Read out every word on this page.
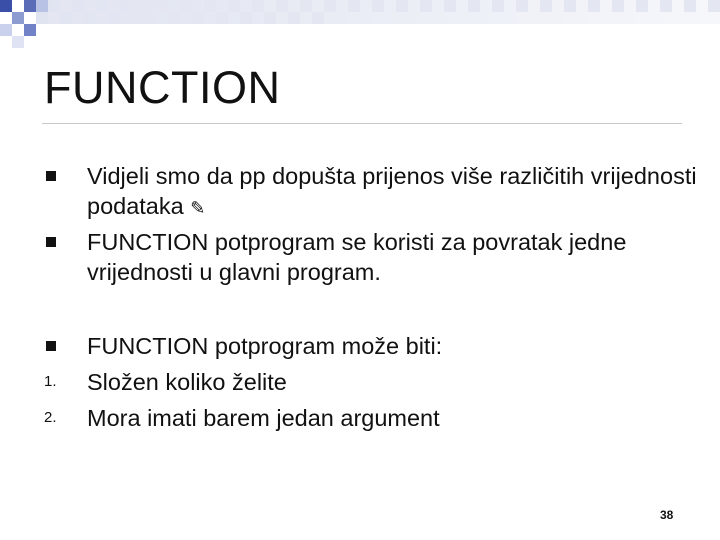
FUNCTION
Vidjeli smo da pp dopušta prijenos više različitih vrijednosti podataka ✎
FUNCTION potprogram se koristi za povratak jedne vrijednosti u glavni program.
FUNCTION potprogram može biti:
1.	Složen koliko želite
2.	Mora imati barem jedan argument
38
